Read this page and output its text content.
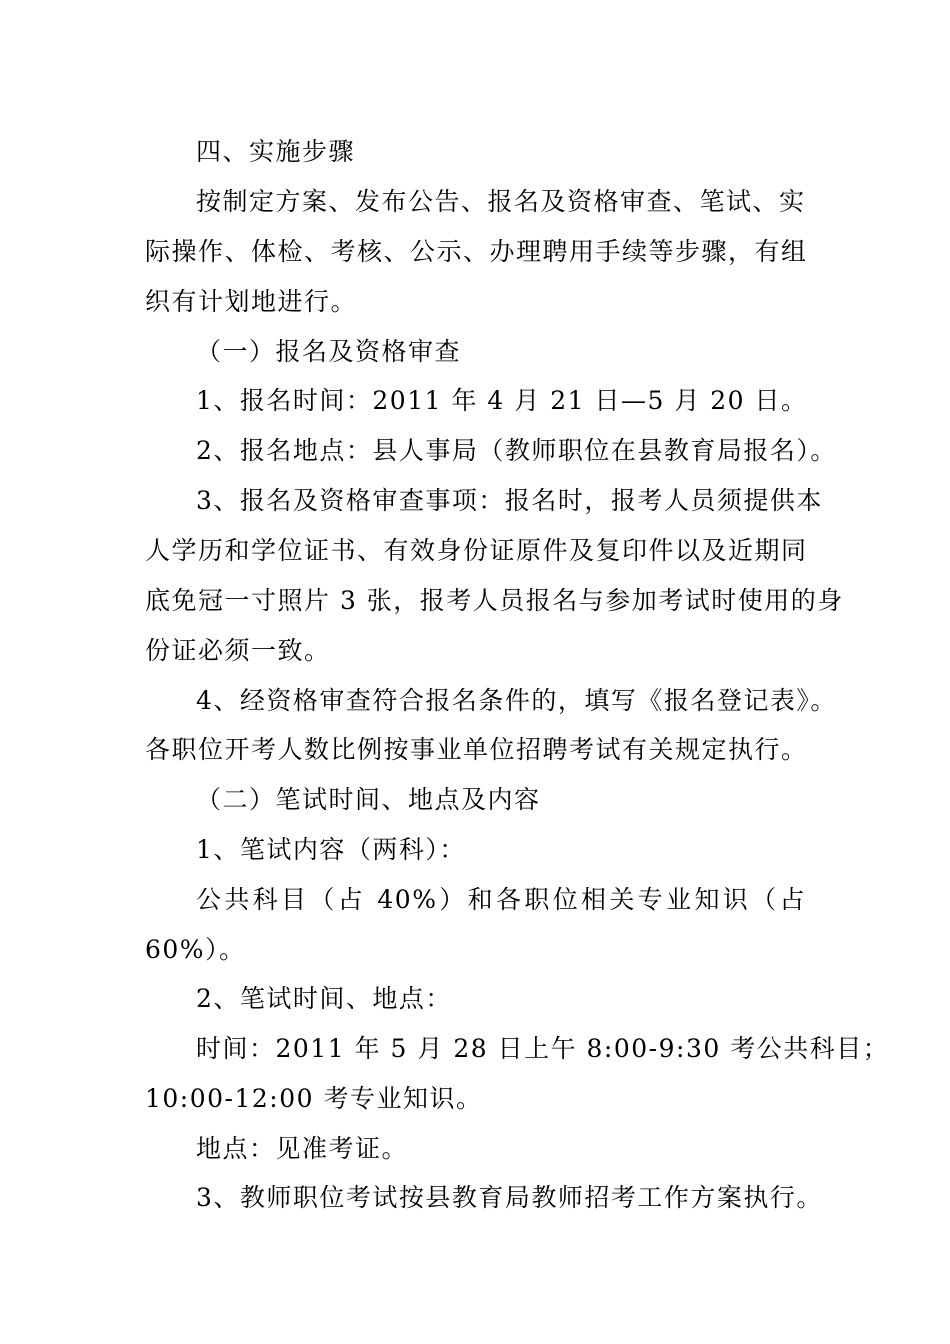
四、实施步骤
按制定方案、发布公告、报名及资格审查、笔试、实
际操作、体检、考核、公示、办理聘用手续等步骤，有组
织有计划地进行。
（一）报名及资格审查
1、报名时间：2011 年 4 月 21 日—5 月 20 日。
2、报名地点：县人事局（教师职位在县教育局报名）。
3、报名及资格审查事项：报名时，报考人员须提供本
人学历和学位证书、有效身份证原件及复印件以及近期同
底免冠一寸照片 3 张，报考人员报名与参加考试时使用的身
份证必须一致。
4、经资格审查符合报名条件的，填写《报名登记表》。
各职位开考人数比例按事业单位招聘考试有关规定执行。
（二）笔试时间、地点及内容
1、笔试内容（两科）：
公共科目（占 40%）和各职位相关专业知识（占
60%）。
2、笔试时间、地点：
时间：2011 年 5 月 28 日上午 8:00-9:30 考公共科目；
10:00-12:00 考专业知识。
地点：见准考证。
3、教师职位考试按县教育局教师招考工作方案执行。
